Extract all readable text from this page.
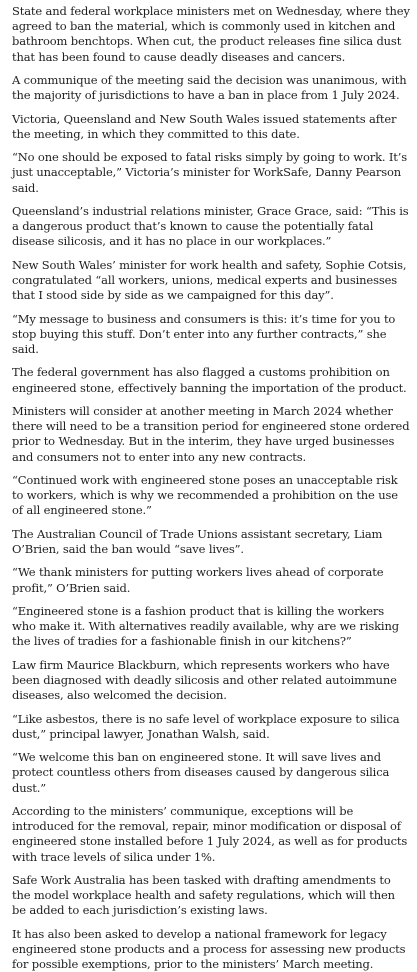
State and federal workplace ministers met on Wednesday, where they agreed to ban the material, which is commonly used in kitchen and bathroom benchtops. When cut, the product releases fine silica dust that has been found to cause deadly diseases and cancers.

A communique of the meeting said the decision was unanimous, with the majority of jurisdictions to have a ban in place from 1 July 2024.

Victoria, Queensland and New South Wales issued statements after the meeting, in which they committed to this date.

“No one should be exposed to fatal risks simply by going to work. It’s just unacceptable,” Victoria’s minister for WorkSafe, Danny Pearson said.

Queensland’s industrial relations minister, Grace Grace, said: “This is a dangerous product that’s known to cause the potentially fatal disease silicosis, and it has no place in our workplaces.”

New South Wales’ minister for work health and safety, Sophie Cotsis, congratulated “all workers, unions, medical experts and businesses that I stood side by side as we campaigned for this day”.

“My message to business and consumers is this: it’s time for you to stop buying this stuff. Don’t enter into any further contracts,” she said.

The federal government has also flagged a customs prohibition on engineered stone, effectively banning the importation of the product.

Ministers will consider at another meeting in March 2024 whether there will need to be a transition period for engineered stone ordered prior to Wednesday. But in the interim, they have urged businesses and consumers not to enter into any new contracts.

“Continued work with engineered stone poses an unacceptable risk to workers, which is why we recommended a prohibition on the use of all engineered stone.”

The Australian Council of Trade Unions assistant secretary, Liam O’Brien, said the ban would “save lives”.

“We thank ministers for putting workers lives ahead of corporate profit,” O’Brien said.

“Engineered stone is a fashion product that is killing the workers who make it. With alternatives readily available, why are we risking the lives of tradies for a fashionable finish in our kitchens?”

Law firm Maurice Blackburn, which represents workers who have been diagnosed with deadly silicosis and other related autoimmune diseases, also welcomed the decision.

“Like asbestos, there is no safe level of workplace exposure to silica dust,” principal lawyer, Jonathan Walsh, said.

“We welcome this ban on engineered stone. It will save lives and protect countless others from diseases caused by dangerous silica dust.”

According to the ministers’ communique, exceptions will be introduced for the removal, repair, minor modification or disposal of engineered stone installed before 1 July 2024, as well as for products with trace levels of silica under 1%.

Safe Work Australia has been tasked with drafting amendments to the model workplace health and safety regulations, which will then be added to each jurisdiction’s existing laws.

It has also been asked to develop a national framework for legacy engineered stone products and a process for assessing new products for possible exemptions, prior to the ministers’ March meeting.
